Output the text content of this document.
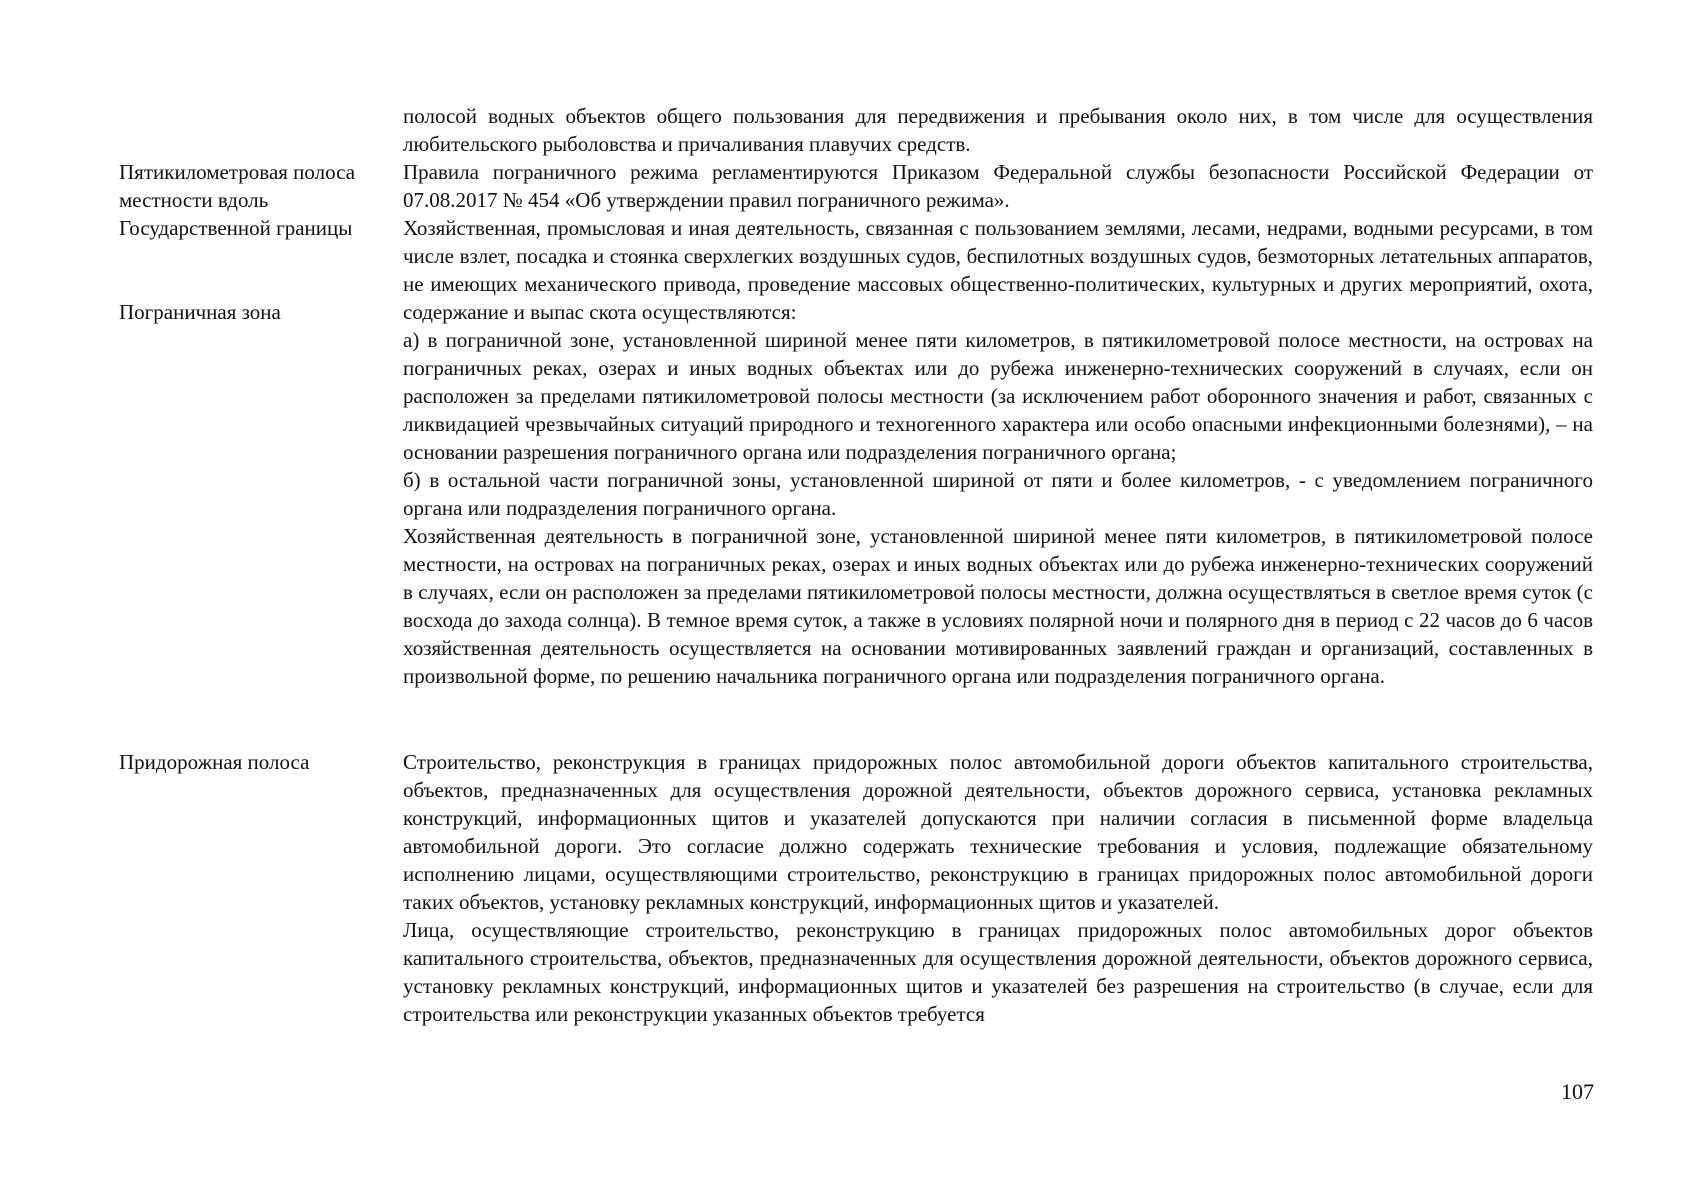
полосой водных объектов общего пользования для передвижения и пребывания около них, в том числе для осуществления любительского рыболовства и причаливания плавучих средств.

Пятикилометровая полоса местности вдоль Государственной границы

Правила пограничного режима регламентируются Приказом Федеральной службы безопасности Российской Федерации от 07.08.2017 № 454 «Об утверждении правил пограничного режима».

Хозяйственная, промысловая и иная деятельность, связанная с пользованием землями, лесами, недрами, водными ресурсами, в том числе взлет, посадка и стоянка сверхлегких воздушных судов, беспилотных воздушных судов, безмоторных летательных аппаратов, не имеющих механического привода, проведение массовых общественно-политических, культурных и других мероприятий, охота, содержание и выпас скота осуществляются:

Пограничная зона

а) в пограничной зоне, установленной шириной менее пяти километров, в пятикилометровой полосе местности, на островах на пограничных реках, озерах и иных водных объектах или до рубежа инженерно-технических сооружений в случаях, если он расположен за пределами пятикилометровой полосы местности (за исключением работ оборонного значения и работ, связанных с ликвидацией чрезвычайных ситуаций природного и техногенного характера или особо опасными инфекционными болезнями), – на основании разрешения пограничного органа или подразделения пограничного органа;

б) в остальной части пограничной зоны, установленной шириной от пяти и более километров, - с уведомлением пограничного органа или подразделения пограничного органа.

Хозяйственная деятельность в пограничной зоне, установленной шириной менее пяти километров, в пятикилометровой полосе местности, на островах на пограничных реках, озерах и иных водных объектах или до рубежа инженерно-технических сооружений в случаях, если он расположен за пределами пятикилометровой полосы местности, должна осуществляться в светлое время суток (с восхода до захода солнца). В темное время суток, а также в условиях полярной ночи и полярного дня в период с 22 часов до 6 часов хозяйственная деятельность осуществляется на основании мотивированных заявлений граждан и организаций, составленных в произвольной форме, по решению начальника пограничного органа или подразделения пограничного органа.

Придорожная полоса	Строительство, реконструкция в границах придорожных полос автомобильной дороги объектов капитального строительства, объектов, предназначенных для осуществления дорожной деятельности, объектов дорожного сервиса, установка рекламных конструкций, информационных щитов и указателей допускаются при наличии согласия в письменной форме владельца автомобильной дороги. Это согласие должно содержать технические требования и условия, подлежащие обязательному исполнению лицами, осуществляющими строительство, реконструкцию в границах придорожных полос автомобильной дороги таких объектов, установку рекламных конструкций, информационных щитов и указателей.

Лица, осуществляющие строительство, реконструкцию в границах придорожных полос автомобильных дорог объектов капитального строительства, объектов, предназначенных для осуществления дорожной деятельности, объектов дорожного сервиса, установку рекламных конструкций, информационных щитов и указателей без разрешения на строительство (в случае, если для строительства или реконструкции указанных объектов требуется

107
